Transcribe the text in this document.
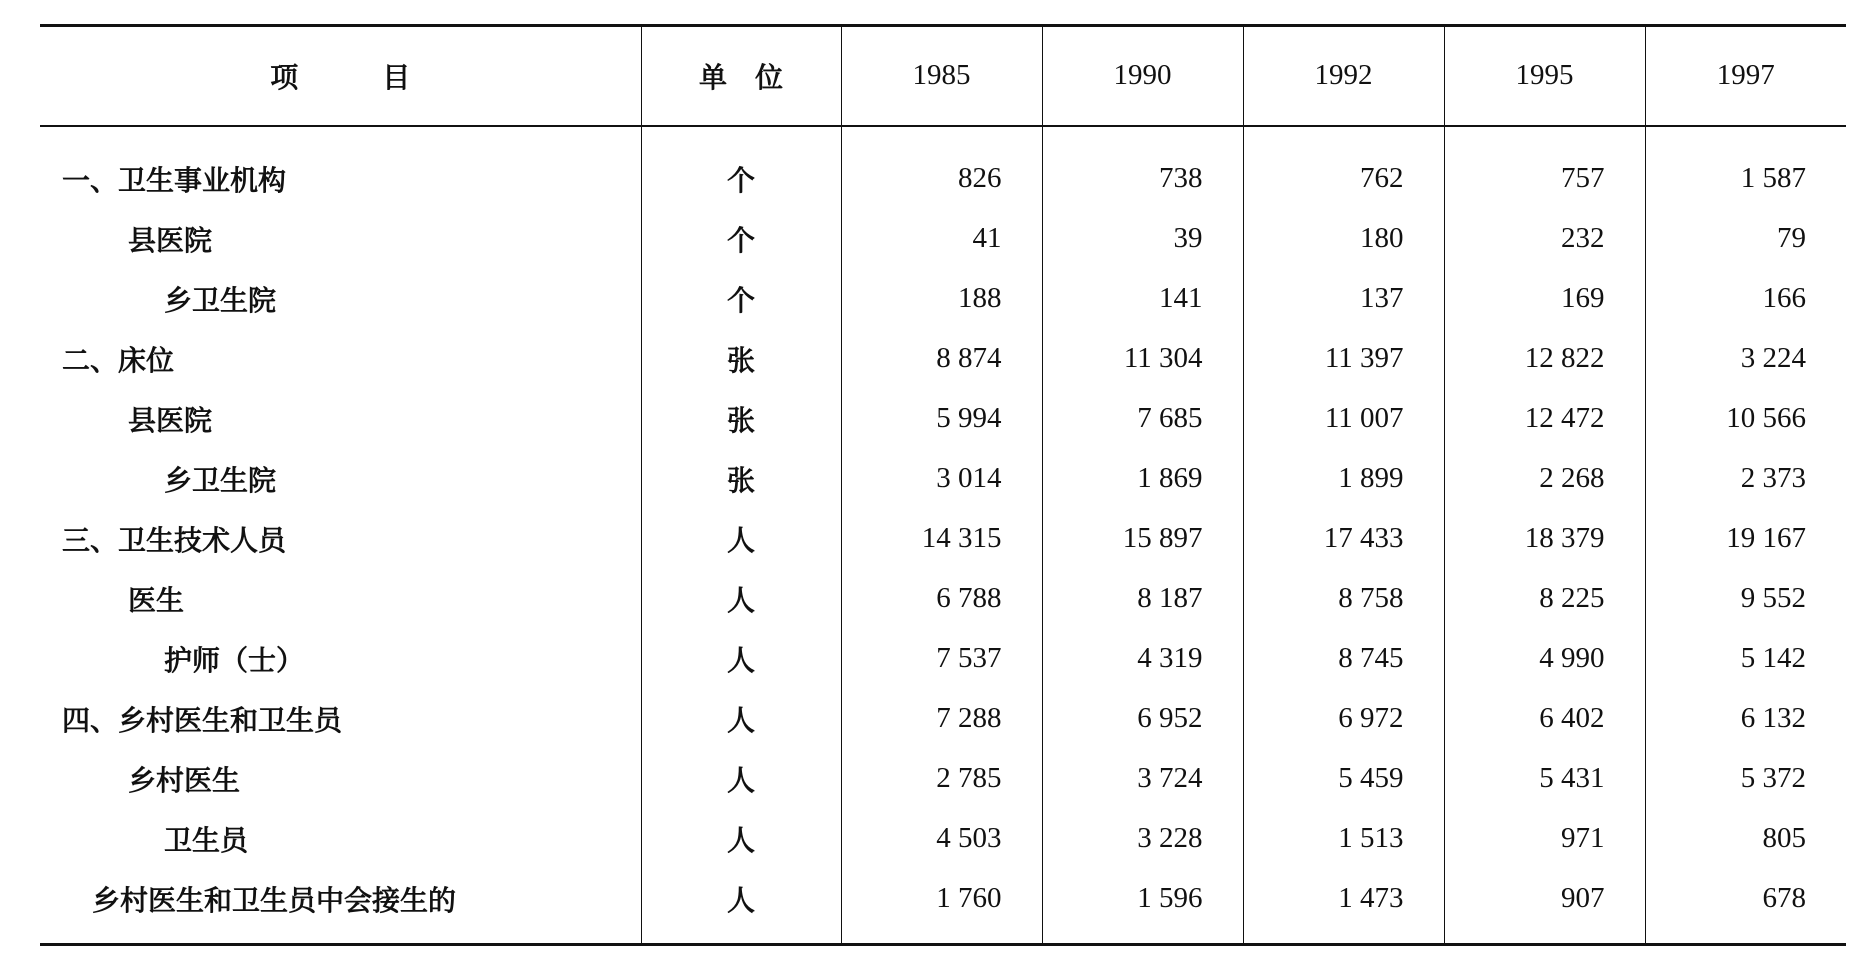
项　　　目	单　位	1985	1990	1992	1995	1997
一、卫生事业机构	个	826	738	762	757	1 587
县医院	个	41	39	180	232	79
乡卫生院	个	188	141	137	169	166
二、床位	张	8 874	11 304	11 397	12 822	3 224
县医院	张	5 994	7 685	11 007	12 472	10 566
乡卫生院	张	3 014	1 869	1 899	2 268	2 373
三、卫生技术人员	人	14 315	15 897	17 433	18 379	19 167
医生	人	6 788	8 187	8 758	8 225	9 552
护师（士）	人	7 537	4 319	8 745	4 990	5 142
四、乡村医生和卫生员	人	7 288	6 952	6 972	6 402	6 132
乡村医生	人	2 785	3 724	5 459	5 431	5 372
卫生员	人	4 503	3 228	1 513	971	805
乡村医生和卫生员中会接生的	人	1 760	1 596	1 473	907	678
